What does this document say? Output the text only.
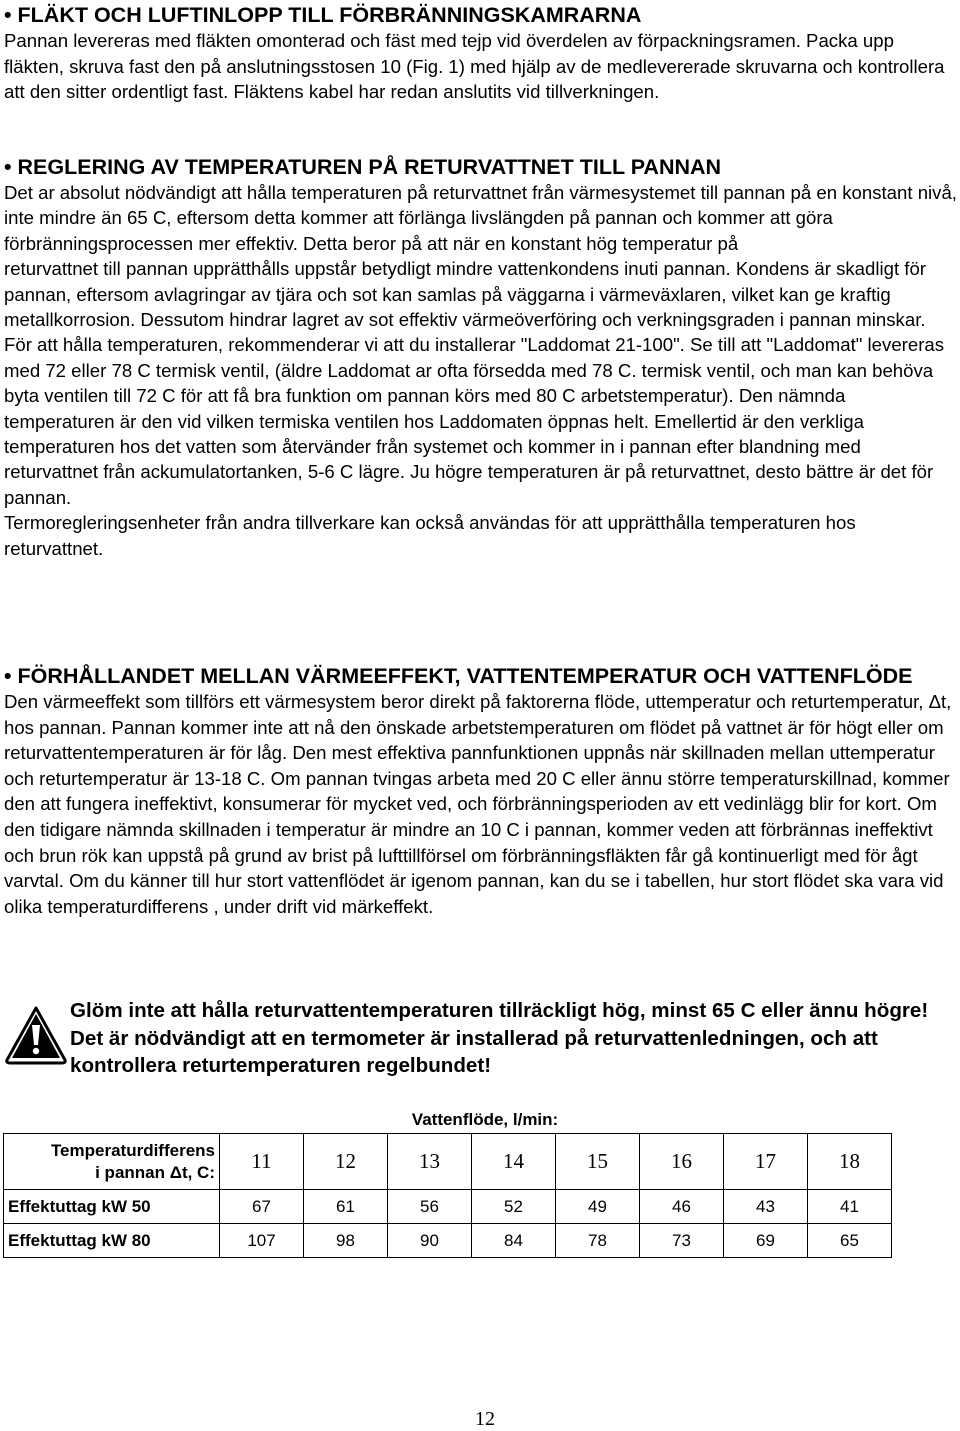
• FLÄKT OCH LUFTINLOPP TILL FÖRBRÄNNINGSKAMRARNA

Pannan levereras med fläkten omonterad och fäst med tejp vid överdelen av förpackningsramen. Packa upp fläkten, skruva fast den på anslutningsstosen 10 (Fig. 1) med hjälp av de medlevererade skruvarna och kontrollera att den sitter ordentligt fast. Fläktens kabel har redan anslutits vid tillverkningen.

• REGLERING AV TEMPERATUREN PÅ RETURVATTNET TILL PANNAN

Det ar absolut nödvändigt att hålla temperaturen på returvattnet från värmesystemet till pannan på en konstant nivå, inte mindre än 65 C, eftersom detta kommer att förlänga livslängden på pannan och kommer att göra förbränningsprocessen mer effektiv. Detta beror på att när en konstant hög temperatur på

returvattnet till pannan upprätthålls uppstår betydligt mindre vattenkondens inuti pannan. Kondens är skadligt för pannan, eftersom avlagringar av tjära och sot kan samlas på väggarna i värmeväxlaren, vilket kan ge kraftig metallkorrosion. Dessutom hindrar lagret av sot effektiv värmeöverföring och verkningsgraden i pannan minskar.

För att hålla temperaturen, rekommenderar vi att du installerar "Laddomat 21-100". Se till att "Laddomat" levereras med 72 eller 78 C termisk ventil, (äldre Laddomat ar ofta försedda med 78 C. termisk ventil, och man kan behöva byta ventilen till 72 C för att få bra funktion om pannan körs med 80 C arbetstemperatur). Den nämnda temperaturen är den vid vilken termiska ventilen hos Laddomaten öppnas helt. Emellertid är den verkliga temperaturen hos det vatten som återvänder från systemet och kommer in i pannan efter blandning med returvattnet från ackumulatortanken, 5-6 C lägre. Ju högre temperaturen är på returvattnet, desto bättre är det för pannan.

Termoregleringsenheter från andra tillverkare kan också användas för att upprätthålla temperaturen hos returvattnet.

• FÖRHÅLLANDET MELLAN VÄRMEEFFEKT, VATTENTEMPERATUR OCH VATTENFLÖDE

Den värmeeffekt som tillförs ett värmesystem beror direkt på faktorerna flöde, uttemperatur och returtemperatur, Δt, hos pannan. Pannan kommer inte att nå den önskade arbetstemperaturen om flödet på vattnet är för högt eller om returvattentemperaturen är för låg. Den mest effektiva pannfunktionen uppnås när skillnaden mellan uttemperatur och returtemperatur är 13-18 C. Om pannan tvingas arbeta med 20 C eller ännu större temperaturskillnad, kommer den att fungera ineffektivt, konsumerar för mycket ved, och förbränningsperioden av ett vedinlägg blir for kort. Om den tidigare nämnda skillnaden i temperatur är mindre an 10 C i pannan, kommer veden att förbrännas ineffektivt och brun rök kan uppstå på grund av brist på lufttillförsel om förbränningsfläkten får gå kontinuerligt med för ågt varvtal. Om du känner till hur stort vattenflödet är igenom pannan, kan du se i tabellen, hur stort flödet ska vara vid olika temperaturdifferens , under drift vid märkeffekt.

Glöm inte att hålla returvattentemperaturen tillräckligt hög, minst 65 C eller ännu högre! Det är nödvändigt att en termometer är installerad på returvattenledningen, och att kontrollera returtemperaturen regelbundet!

Vattenflöde, l/min:
Temperaturdifferens
i pannan Δt, C:	11	12	13	14	15	16	17	18
Effektuttag kW 50	67	61	56	52	49	46	43	41
Effektuttag kW 80	107	98	90	84	78	73	69	65
12
